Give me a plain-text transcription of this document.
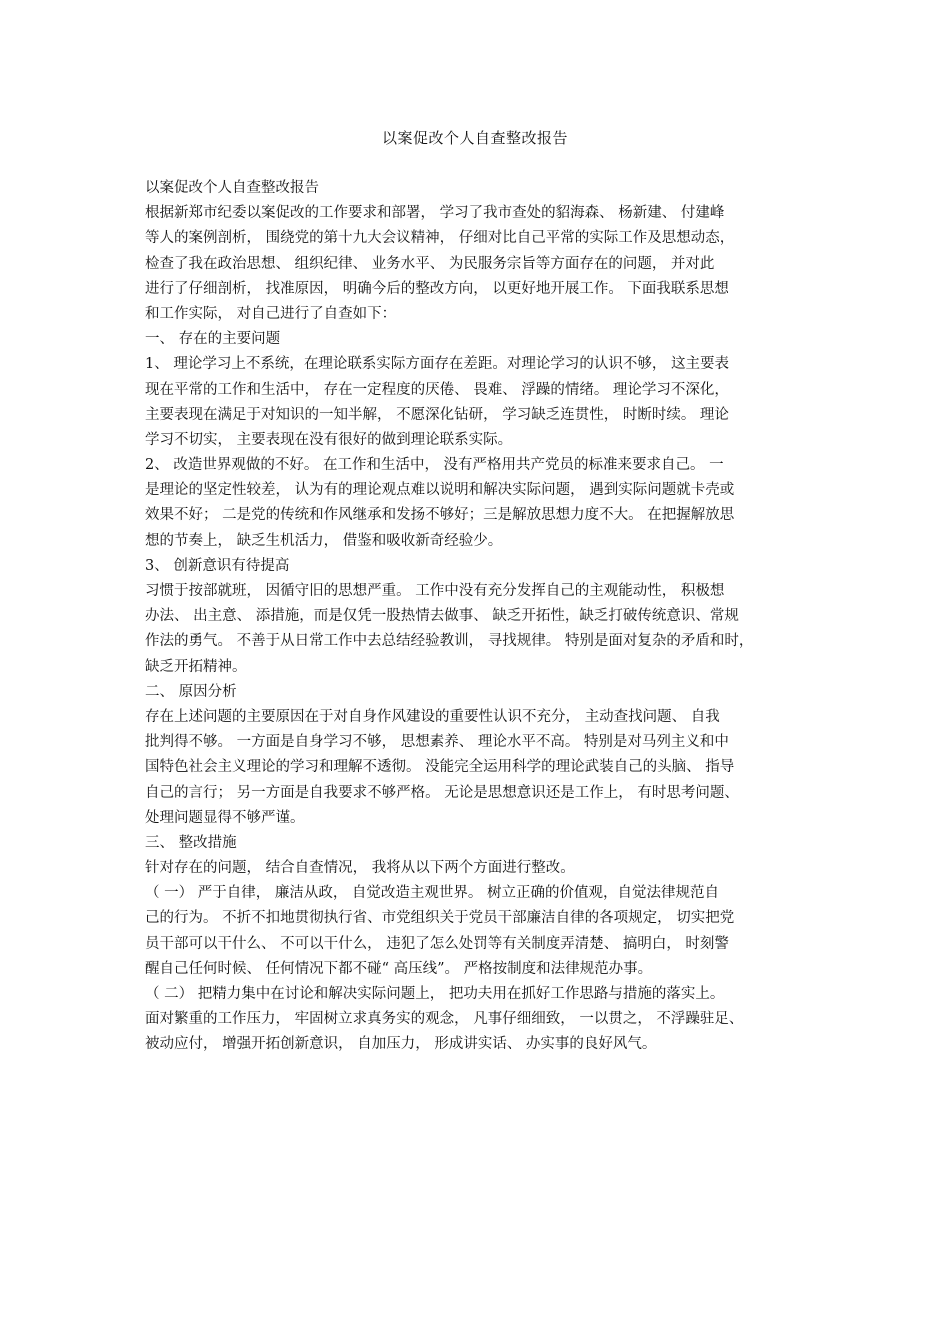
以案促改个人自查整改报告
以案促改个人自查整改报告
根据新郑市纪委以案促改的工作要求和部署， 学习了我市查处的貂海森、 杨新建、 付建峰
等人的案例剖析， 围绕党的第十九大会议精神， 仔细对比自己平常的实际工作及思想动态，
检查了我在政治思想、 组织纪律、 业务水平、 为民服务宗旨等方面存在的问题， 并对此
进行了仔细剖析， 找准原因， 明确今后的整改方向， 以更好地开展工作。 下面我联系思想
和工作实际， 对自己进行了自查如下：
一、 存在的主要问题
1、 理论学习上不系统，在理论联系实际方面存在差距。对理论学习的认识不够， 这主要表
现在平常的工作和生活中， 存在一定程度的厌倦、 畏难、 浮躁的情绪。 理论学习不深化，
主要表现在满足于对知识的一知半解， 不愿深化钻研， 学习缺乏连贯性， 时断时续。 理论
学习不切实， 主要表现在没有很好的做到理论联系实际。
2、 改造世界观做的不好。 在工作和生活中， 没有严格用共产党员的标准来要求自己。 一
是理论的坚定性较差， 认为有的理论观点难以说明和解决实际问题， 遇到实际问题就卡壳或
效果不好； 二是党的传统和作风继承和发扬不够好；三是解放思想力度不大。 在把握解放思
想的节奏上， 缺乏生机活力， 借鉴和吸收新奇经验少。
3、 创新意识有待提高
习惯于按部就班， 因循守旧的思想严重。 工作中没有充分发挥自己的主观能动性， 积极想
办法、 出主意、 添措施，而是仅凭一股热情去做事、 缺乏开拓性，缺乏打破传统意识、常规
作法的勇气。 不善于从日常工作中去总结经验教训， 寻找规律。 特别是面对复杂的矛盾和时，
缺乏开拓精神。
二、 原因分析
存在上述问题的主要原因在于对自身作风建设的重要性认识不充分， 主动查找问题、 自我
批判得不够。 一方面是自身学习不够， 思想素养、 理论水平不高。 特别是对马列主义和中
国特色社会主义理论的学习和理解不透彻。 没能完全运用科学的理论武装自己的头脑、 指导
自己的言行； 另一方面是自我要求不够严格。 无论是思想意识还是工作上， 有时思考问题、
处理问题显得不够严谨。
三、 整改措施
针对存在的问题， 结合自查情况， 我将从以下两个方面进行整改。
（ 一） 严于自律， 廉洁从政， 自觉改造主观世界。 树立正确的价值观，自觉法律规范自
己的行为。 不折不扣地贯彻执行省、市党组织关于党员干部廉洁自律的各项规定， 切实把党
员干部可以干什么、 不可以干什么， 违犯了怎么处罚等有关制度弄清楚、 搞明白， 时刻警
醒自己任何时候、 任何情况下都不碰“ 高压线”。 严格按制度和法律规范办事。
（ 二） 把精力集中在讨论和解决实际问题上， 把功夫用在抓好工作思路与措施的落实上。
面对繁重的工作压力， 牢固树立求真务实的观念， 凡事仔细细致， 一以贯之， 不浮躁驻足、
被动应付， 增强开拓创新意识， 自加压力， 形成讲实话、 办实事的良好风气。
